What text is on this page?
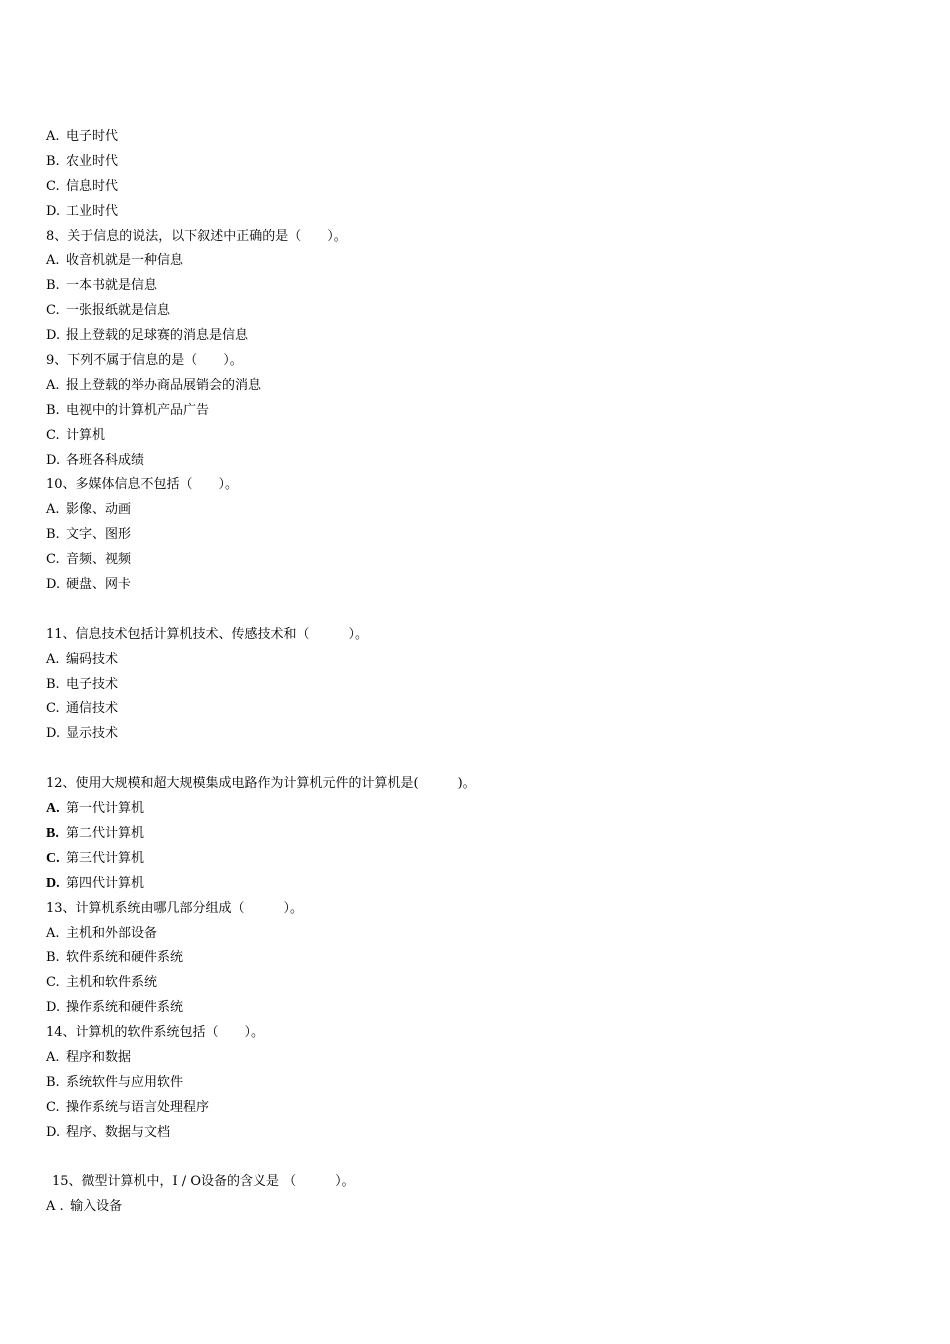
A. 电子时代
B. 农业时代
C. 信息时代
D. 工业时代
8、关于信息的说法，以下叙述中正确的是（　　）。
A. 收音机就是一种信息
B. 一本书就是信息
C. 一张报纸就是信息
D. 报上登载的足球赛的消息是信息
9、下列不属于信息的是（　　）。
A. 报上登载的举办商品展销会的消息
B. 电视中的计算机产品广告
C. 计算机
D. 各班各科成绩
10、多媒体信息不包括（　　）。
A. 影像、动画
B. 文字、图形
C. 音频、视频
D. 硬盘、网卡
11、信息技术包括计算机技术、传感技术和（　　　）。
A. 编码技术
B. 电子技术
C. 通信技术
D. 显示技术
12、使用大规模和超大规模集成电路作为计算机元件的计算机是(　　　)。
A. 第一代计算机
B. 第二代计算机
C. 第三代计算机
D. 第四代计算机
13、计算机系统由哪几部分组成（　　　）。
A. 主机和外部设备
B. 软件系统和硬件系统
C. 主机和软件系统
D. 操作系统和硬件系统
14、计算机的软件系统包括（　　）。
A. 程序和数据
B. 系统软件与应用软件
C. 操作系统与语言处理程序
D. 程序、数据与文档
15、微型计算机中，I / O设备的含义是 （　　　）。
A . 输入设备
